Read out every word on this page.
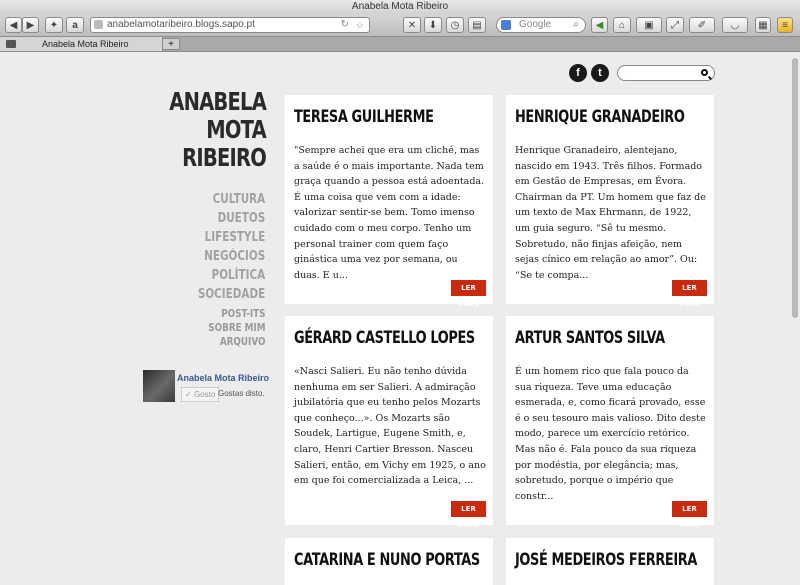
Anabela Mota Ribeiro
◀ ▶	✦	a	anabelamotaribeiro.blogs.sapo.pt	↻ ☆	✕	⬇	◷	▤	Google ⌕	◀	⌂	▣	⤢	✐	◡	▦	≡
Anabela Mota Ribeiro	+
ANABELA
MOTA
RIBEIRO
CULTURA
DUETOS
LIFESTYLE
NEGÓCIOS
POLÍTICA
SOCIEDADE
POST-ITS
SOBRE MIM
ARQUIVO
Anabela Mota Ribeiro
✓ Gosto Gostas disto.
f	t
TERESA GUILHERME
"Sempre achei que era um cliché, mas a saúde é o mais importante. Nada tem graça quando a pessoa está adoentada. É uma coisa que vem com a idade: valorizar sentir-se bem. Tomo imenso cuidado com o meu corpo. Tenho um personal trainer com quem faço ginástica uma vez por semana, ou duas. E u...
LER MAIS
HENRIQUE GRANADEIRO
Henrique Granadeiro, alentejano, nascido em 1943. Três filhos. Formado em Gestão de Empresas, em Évora. Chairman da PT. Um homem que faz de um texto de Max Ehrmann, de 1922, um guia seguro. “Sê tu mesmo. Sobretudo, não finjas afeição, nem sejas cínico em relação ao amor”. Ou: “Se te compa...
LER MAIS
GÉRARD CASTELLO LOPES
«Nasci Salieri. Eu não tenho dúvida nenhuma em ser Salieri. A admiração jubilatória que eu tenho pelos Mozarts que conheço...». Os Mozarts são Soudek, Lartigue, Eugene Smith, e, claro, Henri Cartier Bresson. Nasceu Salieri, então, em Vichy em 1925, o ano em que foi comercializada a Leica, ...
LER MAIS
ARTUR SANTOS SILVA
É um homem rico que fala pouco da sua riqueza. Teve uma educação esmerada, e, como ficará provado, esse é o seu tesouro mais valioso. Dito deste modo, parece um exercício retórico. Mas não é. Fala pouco da sua riqueza por modéstia, por elegância; mas, sobretudo, porque o império que constr...
LER MAIS
CATARINA E NUNO PORTAS JOSÉ MEDEIROS FERREIRA
